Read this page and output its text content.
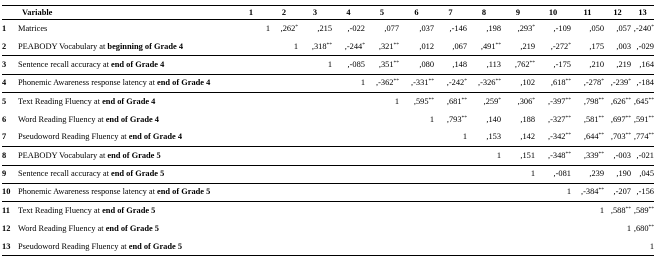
	Variable	1	2	3	4	5	6	7	8	9	10	11	12	13
1	Matrices	1	,262*	,215	,-022	,077	,037	,-146	,198	,293*	,-109	,050	,057	,-240*
2	PEABODY Vocabulary at beginning of Grade 4		1	,318**	,-244*	,321**	,012	,067	,491**	,219	,-272*	,175	,003	,-029
3	Sentence recall accuracy at end of Grade 4			1	,-085	,351**	,080	,148	,113	,762**	,-175	,210	,219	,164
4	Phonemic Awareness response latency at end of Grade 4				1	,-362**	,-331**	,-242*	,-326**	,102	,618**	,-278*	,-239*	,-184
5	Text Reading Fluency at end of Grade 4					1	,595**	,681**	,259*	,306*	,-397**	,798**	,626**	,645**
6	Word Reading Fluency at end of Grade 4						1	,793**	,140	,188	,-327**	,581**	,697**	,591**
7	Pseudoword Reading Fluency at end of Grade 4							1	,153	,142	,-342**	,644**	,703**	,774**
8	PEABODY Vocabulary at end of Grade 5								1	,151	,-348**	,339**	,-003	,-021
9	Sentence recall accuracy at end of Grade 5									1	,-081	,239	,190	,045
10	Phonemic Awareness response latency at end of Grade 5										1	,-384**	,-207	,-156
11	Text Reading Fluency at end of Grade 5											1	,588**	,589**
12	Word Reading Fluency at end of Grade 5												1	,680**
13	Pseudoword Reading Fluency at end of Grade 5													1
